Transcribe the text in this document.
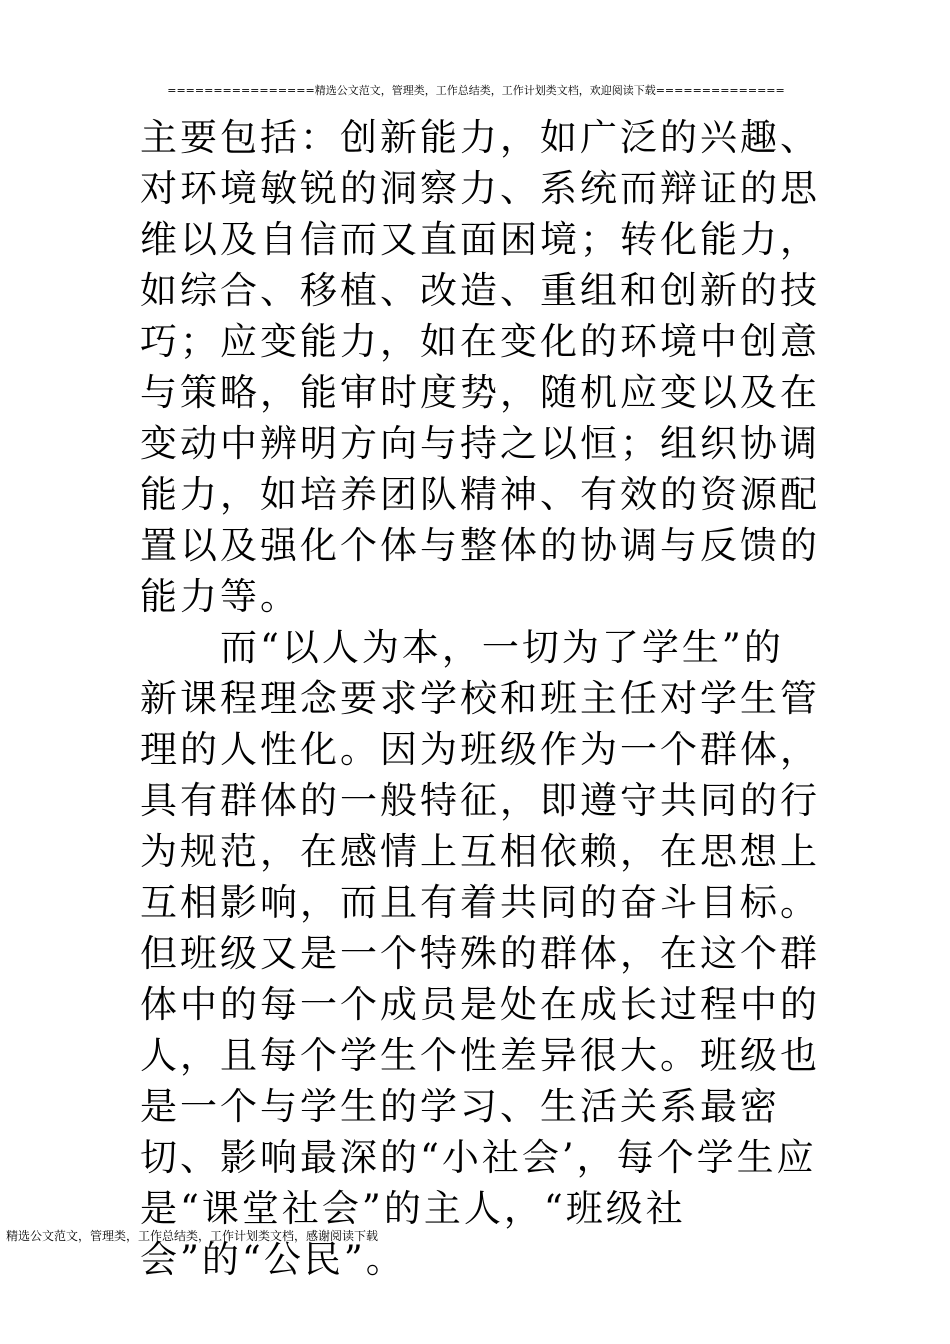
================精选公文范文，管理类，工作总结类，工作计划类文档，欢迎阅读下载==============

主要包括：创新能力，如广泛的兴趣、对环境敏锐的洞察力、系统而辩证的思维以及自信而又直面困境；转化能力，如综合、移植、改造、重组和创新的技巧；应变能力，如在变化的环境中创意与策略，能审时度势，随机应变以及在变动中辨明方向与持之以恒；组织协调能力，如培养团队精神、有效的资源配置以及强化个体与整体的协调与反馈的能力等。

而“以人为本，一切为了学生”的新课程理念要求学校和班主任对学生管理的人性化。因为班级作为一个群体，具有群体的一般特征，即遵守共同的行为规范，在感情上互相依赖，在思想上互相影响，而且有着共同的奋斗目标。但班级又是一个特殊的群体，在这个群体中的每一个成员是处在成长过程中的人，且每个学生个性差异很大。班级也是一个与学生的学习、生活关系最密切、影响最深的“小社会’，每个学生应是“课堂社会”的主人，“班级社会”的“公民”。

精选公文范文，管理类，工作总结类，工作计划类文档，感谢阅读下载
